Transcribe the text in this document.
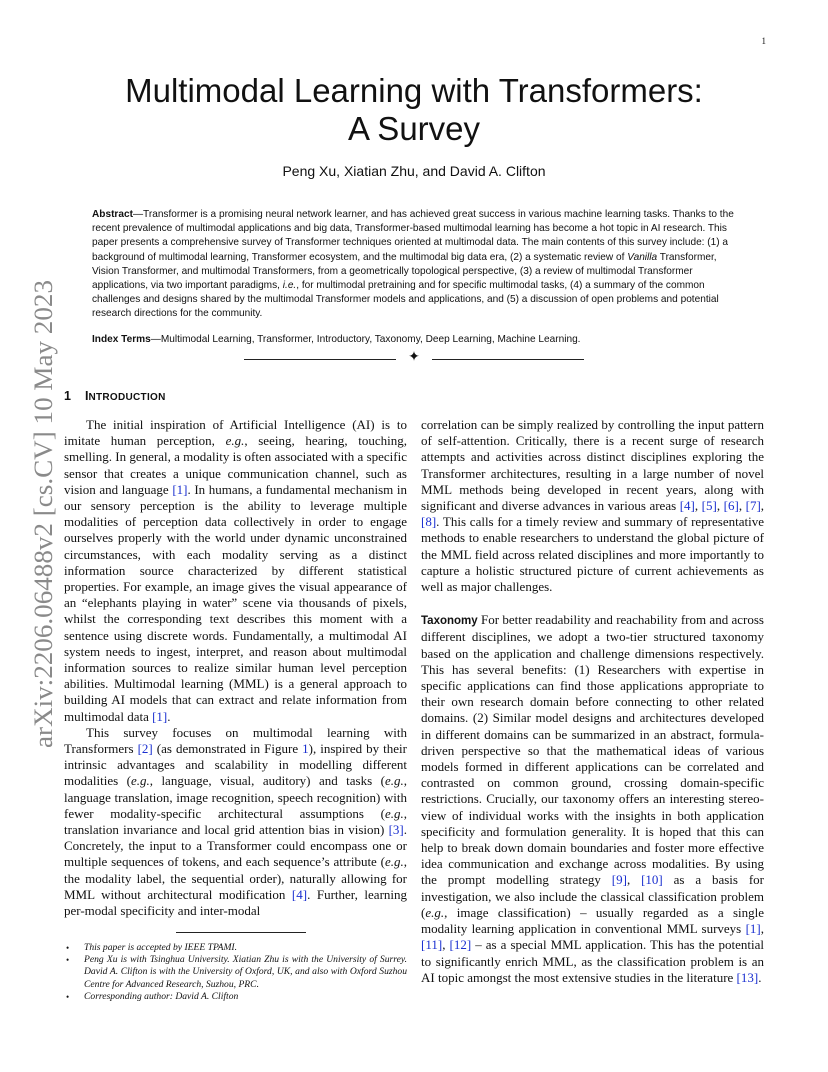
1
arXiv:2206.06488v2 [cs.CV] 10 May 2023
Multimodal Learning with Transformers:
A Survey
Peng Xu, Xiatian Zhu, and David A. Clifton

Abstract—Transformer is a promising neural network learner, and has achieved great success in various machine learning tasks. Thanks to the recent prevalence of multimodal applications and big data, Transformer-based multimodal learning has become a hot topic in AI research. This paper presents a comprehensive survey of Transformer techniques oriented at multimodal data. The main contents of this survey include: (1) a background of multimodal learning, Transformer ecosystem, and the multimodal big data era, (2) a systematic review of Vanilla Transformer, Vision Transformer, and multimodal Transformers, from a geometrically topological perspective, (3) a review of multimodal Transformer applications, via two important paradigms, i.e., for multimodal pretraining and for specific multimodal tasks, (4) a summary of the common challenges and designs shared by the multimodal Transformer models and applications, and (5) a discussion of open problems and potential research directions for the community.

Index Terms—Multimodal Learning, Transformer, Introductory, Taxonomy, Deep Learning, Machine Learning.

✦
1 INTRODUCTION

The initial inspiration of Artificial Intelligence (AI) is to imitate human perception, e.g., seeing, hearing, touching, smelling. In general, a modality is often associated with a specific sensor that creates a unique communication channel, such as vision and language [1]. In humans, a fundamental mechanism in our sensory perception is the ability to leverage multiple modalities of perception data collectively in order to engage ourselves properly with the world under dynamic unconstrained circumstances, with each modality serving as a distinct information source characterized by different statistical properties. For example, an image gives the visual appearance of an “elephants playing in water” scene via thousands of pixels, whilst the corresponding text describes this moment with a sentence using discrete words. Fundamentally, a multimodal AI system needs to ingest, interpret, and reason about multimodal information sources to realize similar human level perception abilities. Multimodal learning (MML) is a general approach to building AI models that can extract and relate information from multimodal data [1].

This survey focuses on multimodal learning with Transformers [2] (as demonstrated in Figure 1), inspired by their intrinsic advantages and scalability in modelling different modalities (e.g., language, visual, auditory) and tasks (e.g., language translation, image recognition, speech recognition) with fewer modality-specific architectural assumptions (e.g., translation invariance and local grid attention bias in vision) [3]. Concretely, the input to a Transformer could encompass one or multiple sequences of tokens, and each sequence’s attribute (e.g., the modality label, the sequential order), naturally allowing for MML without architectural modification [4]. Further, learning per-modal specificity and inter-modal

correlation can be simply realized by controlling the input pattern of self-attention. Critically, there is a recent surge of research attempts and activities across distinct disciplines exploring the Transformer architectures, resulting in a large number of novel MML methods being developed in recent years, along with significant and diverse advances in various areas [4], [5], [6], [7], [8]. This calls for a timely review and summary of representative methods to enable researchers to understand the global picture of the MML field across related disciplines and more importantly to capture a holistic structured picture of current achievements as well as major challenges.

Taxonomy For better readability and reachability from and across different disciplines, we adopt a two-tier structured taxonomy based on the application and challenge dimensions respectively. This has several benefits: (1) Researchers with expertise in specific applications can find those applications appropriate to their own research domain before connecting to other related domains. (2) Similar model designs and architectures developed in different domains can be summarized in an abstract, formula-driven perspective so that the mathematical ideas of various models formed in different applications can be correlated and contrasted on common ground, crossing domain-specific restrictions. Crucially, our taxonomy offers an interesting stereo-view of individual works with the insights in both application specificity and formulation generality. It is hoped that this can help to break down domain boundaries and foster more effective idea communication and exchange across modalities. By using the prompt modelling strategy [9], [10] as a basis for investigation, we also include the classical classification problem (e.g., image classification) – usually regarded as a single modality learning application in conventional MML surveys [1], [11], [12] – as a special MML application. This has the potential to significantly enrich MML, as the classification problem is an AI topic amongst the most extensive studies in the literature [13].

• This paper is accepted by IEEE TPAMI.
• Peng Xu is with Tsinghua University. Xiatian Zhu is with the University of Surrey. David A. Clifton is with the University of Oxford, UK, and also with Oxford Suzhou Centre for Advanced Research, Suzhou, PRC.
• Corresponding author: David A. Clifton
